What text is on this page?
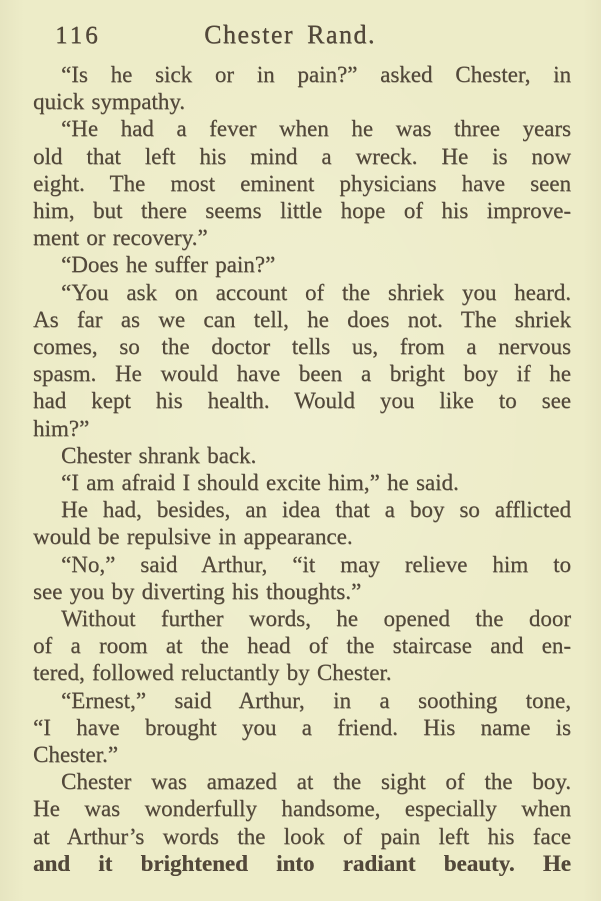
Chester Rand.
116

“Is he sick or in pain?” asked Chester, in
quick sympathy.

“He had a fever when he was three years
old that left his mind a wreck. He is now
eight. The most eminent physicians have seen
him, but there seems little hope of his improve-
ment or recovery.”

“Does he suffer pain?”

“You ask on account of the shriek you heard.
As far as we can tell, he does not. The shriek
comes, so the doctor tells us, from a nervous
spasm. He would have been a bright boy if he
had kept his health. Would you like to see
him?”

Chester shrank back.

“I am afraid I should excite him,” he said.

He had, besides, an idea that a boy so afflicted
would be repulsive in appearance.

“No,” said Arthur, “it may relieve him to
see you by diverting his thoughts.”

Without further words, he opened the door
of a room at the head of the staircase and en-
tered, followed reluctantly by Chester.

“Ernest,” said Arthur, in a soothing tone,
“I have brought you a friend. His name is
Chester.”

Chester was amazed at the sight of the boy.
He was wonderfully handsome, especially when
at Arthur’s words the look of pain left his face
and it brightened into radiant beauty. He
